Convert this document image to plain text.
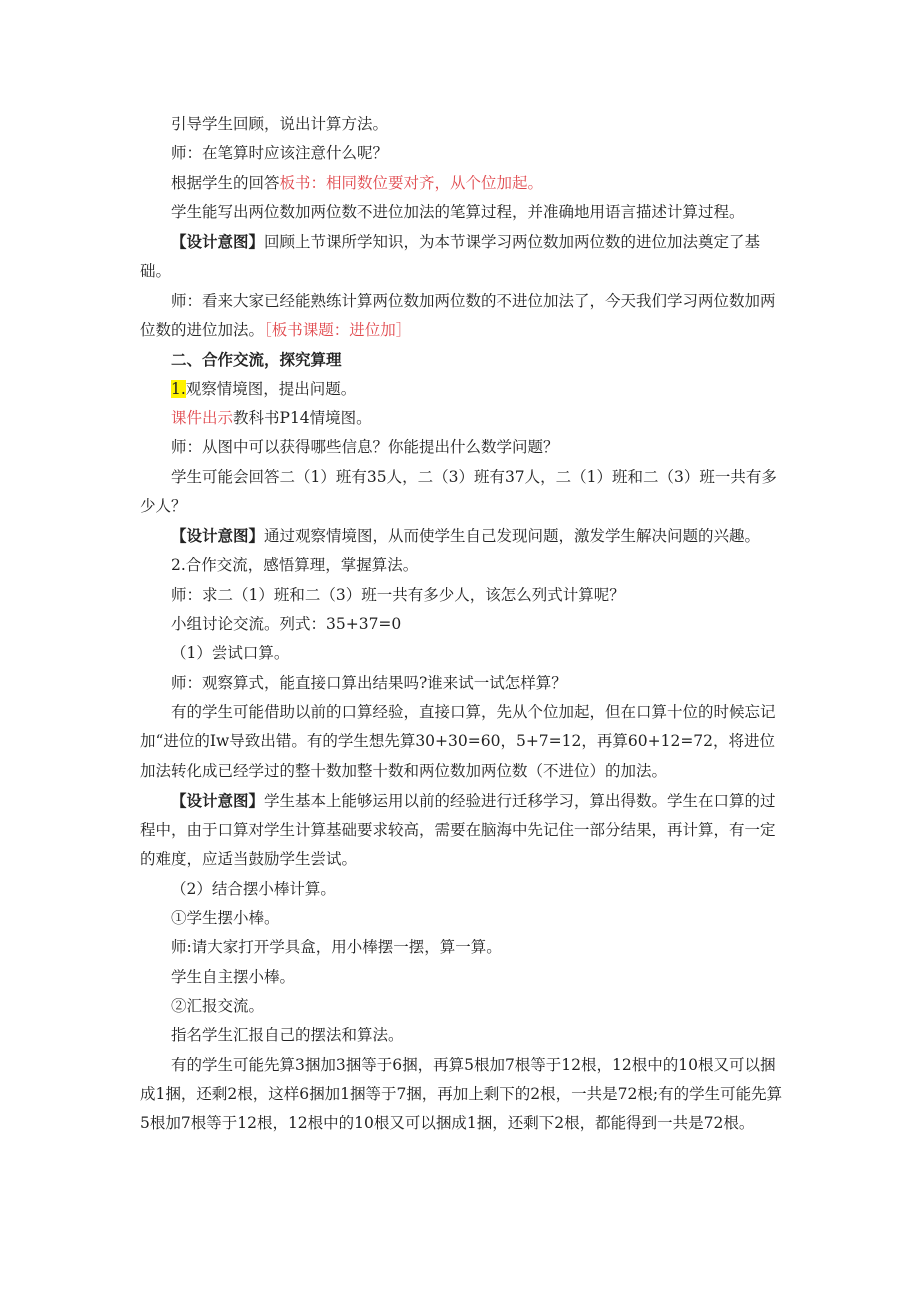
引导学生回顾，说出计算方法。

师：在笔算时应该注意什么呢？

根据学生的回答板书：相同数位要对齐，从个位加起。

学生能写出两位数加两位数不进位加法的笔算过程，并准确地用语言描述计算过程。

【设计意图】回顾上节课所学知识，为本节课学习两位数加两位数的进位加法奠定了基础。

师：看来大家已经能熟练计算两位数加两位数的不进位加法了，今天我们学习两位数加两位数的进位加法。［板书课题：进位加］

二、合作交流，探究算理

1.观察情境图，提出问题。

课件出示教科书P14情境图。

师：从图中可以获得哪些信息？你能提出什么数学问题？

学生可能会回答二（1）班有35人，二（3）班有37人，二（1）班和二（3）班一共有多少人？

【设计意图】通过观察情境图，从而使学生自己发现问题，激发学生解决问题的兴趣。

2.合作交流，感悟算理，掌握算法。

师：求二（1）班和二（3）班一共有多少人，该怎么列式计算呢？

小组讨论交流。列式：35+37=0

（1）尝试口算。

师：观察算式，能直接口算出结果吗?谁来试一试怎样算？

有的学生可能借助以前的口算经验，直接口算，先从个位加起，但在口算十位的时候忘记加“进位的Iw导致出错。有的学生想先算30+30=60，5+7=12，再算60+12=72，将进位加法转化成已经学过的整十数加整十数和两位数加两位数（不进位）的加法。

【设计意图】学生基本上能够运用以前的经验进行迁移学习，算出得数。学生在口算的过程中，由于口算对学生计算基础要求较高，需要在脑海中先记住一部分结果，再计算，有一定的难度，应适当鼓励学生尝试。

（2）结合摆小棒计算。

①学生摆小棒。

师:请大家打开学具盒，用小棒摆一摆，算一算。

学生自主摆小棒。

②汇报交流。

指名学生汇报自己的摆法和算法。

有的学生可能先算3捆加3捆等于6捆，再算5根加7根等于12根，12根中的10根又可以捆成1捆，还剩2根，这样6捆加1捆等于7捆，再加上剩下的2根，一共是72根;有的学生可能先算5根加7根等于12根，12根中的10根又可以捆成1捆，还剩下2根，都能得到一共是72根。
